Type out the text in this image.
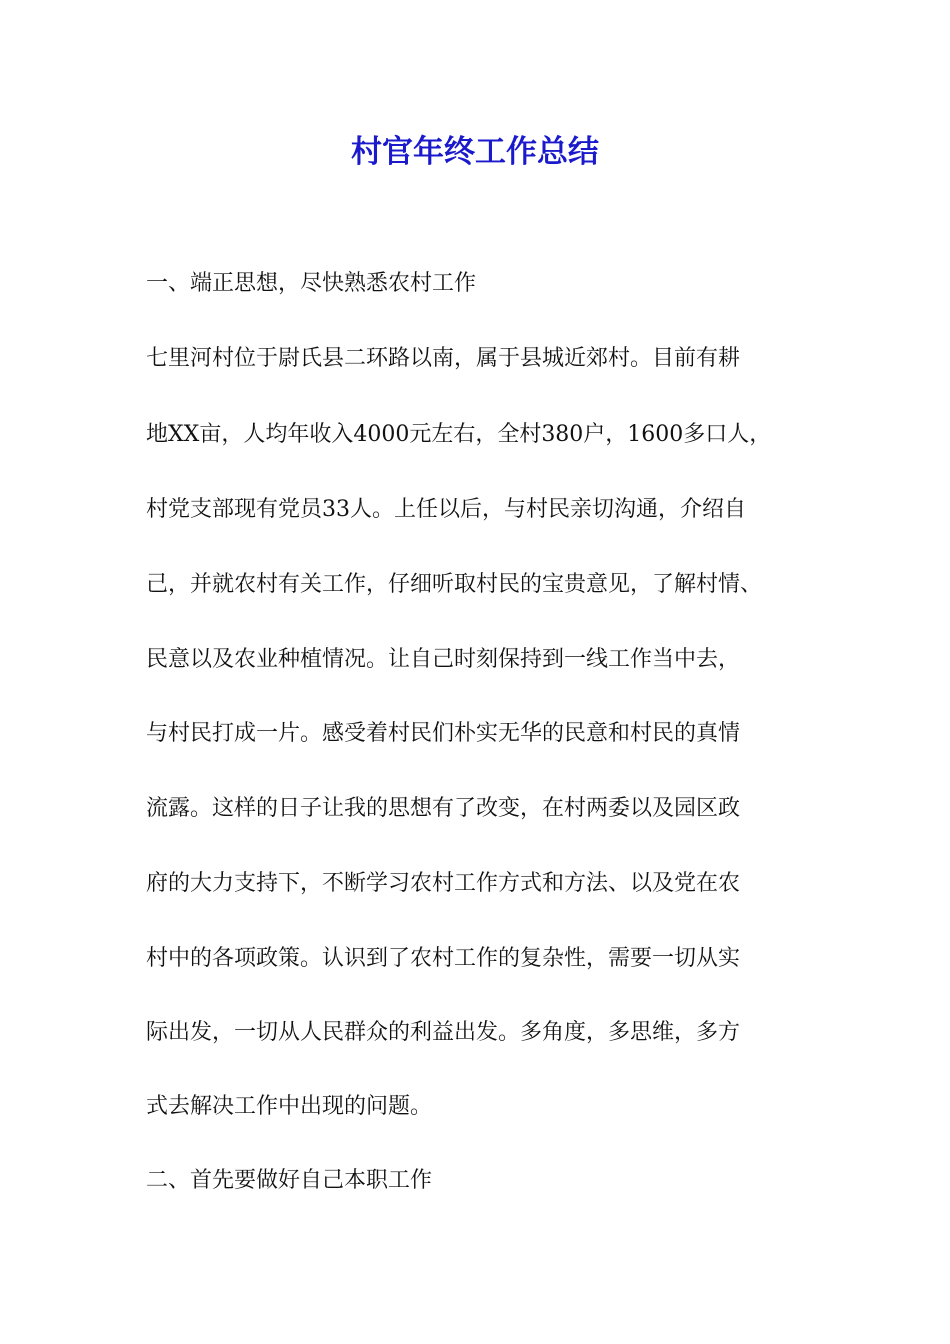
村官年终工作总结

一、端正思想，尽快熟悉农村工作

七里河村位于尉氏县二环路以南，属于县城近郊村。目前有耕

地XX亩，人均年收入4000元左右，全村380户，1600多口人，

村党支部现有党员33人。上任以后，与村民亲切沟通，介绍自

己，并就农村有关工作，仔细听取村民的宝贵意见，了解村情、

民意以及农业种植情况。让自己时刻保持到一线工作当中去，

与村民打成一片。感受着村民们朴实无华的民意和村民的真情

流露。这样的日子让我的思想有了改变，在村两委以及园区政

府的大力支持下，不断学习农村工作方式和方法、以及党在农

村中的各项政策。认识到了农村工作的复杂性，需要一切从实

际出发，一切从人民群众的利益出发。多角度，多思维，多方

式去解决工作中出现的问题。

二、首先要做好自己本职工作
